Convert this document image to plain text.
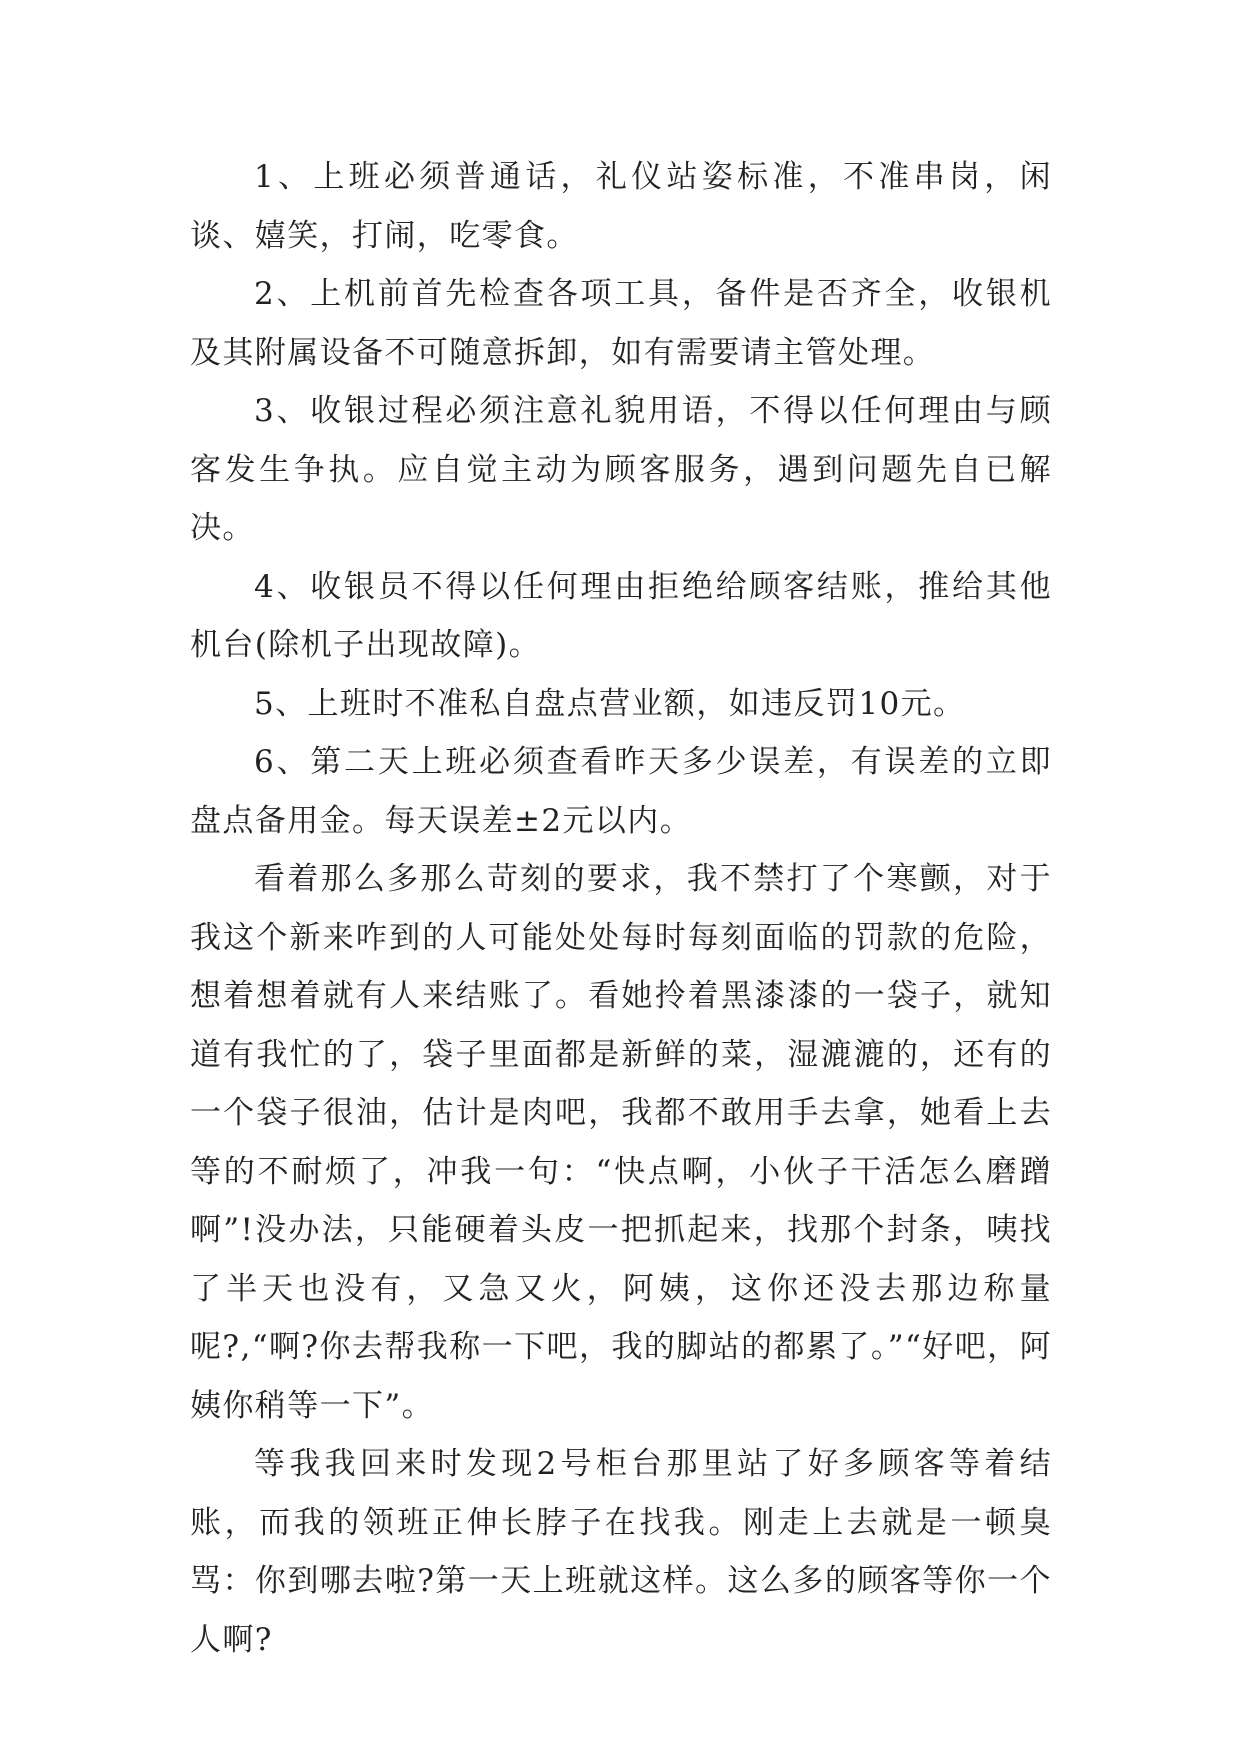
1、上班必须普通话，礼仪站姿标准，不准串岗，闲谈、嬉笑，打闹，吃零食。

2、上机前首先检查各项工具，备件是否齐全，收银机及其附属设备不可随意拆卸，如有需要请主管处理。

3、收银过程必须注意礼貌用语，不得以任何理由与顾客发生争执。应自觉主动为顾客服务，遇到问题先自已解决。

4、收银员不得以任何理由拒绝给顾客结账，推给其他机台(除机子出现故障)。

5、上班时不准私自盘点营业额，如违反罚10元。

6、第二天上班必须查看昨天多少误差，有误差的立即盘点备用金。每天误差±2元以内。

看着那么多那么苛刻的要求，我不禁打了个寒颤，对于我这个新来咋到的人可能处处每时每刻面临的罚款的危险，想着想着就有人来结账了。看她拎着黑漆漆的一袋子，就知道有我忙的了，袋子里面都是新鲜的菜，湿漉漉的，还有的一个袋子很油，估计是肉吧，我都不敢用手去拿，她看上去等的不耐烦了，冲我一句：“快点啊，小伙子干活怎么磨蹭啊”!没办法，只能硬着头皮一把抓起来，找那个封条，咦找了半天也没有，又急又火，阿姨，这你还没去那边称量呢?,“啊?你去帮我称一下吧，我的脚站的都累了。”“好吧，阿姨你稍等一下”。

等我我回来时发现2号柜台那里站了好多顾客等着结账，而我的领班正伸长脖子在找我。刚走上去就是一顿臭骂：你到哪去啦?第一天上班就这样。这么多的顾客等你一个人啊?
